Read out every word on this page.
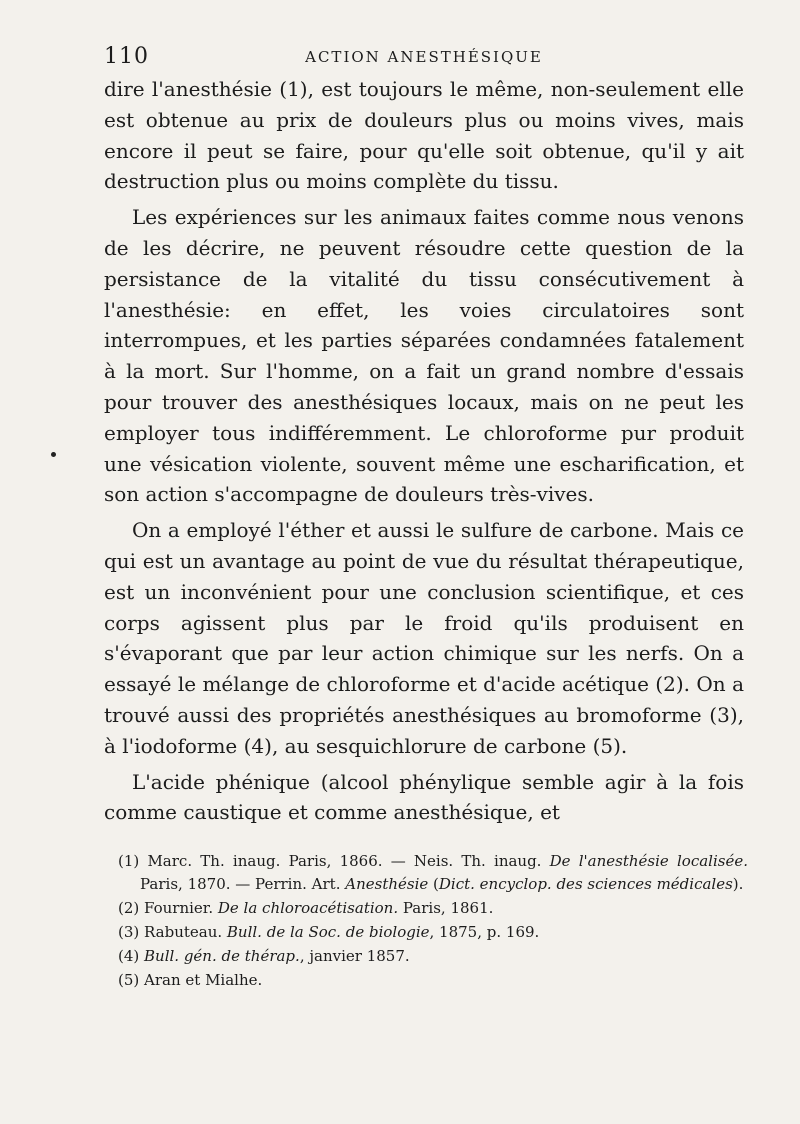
110	ACTION ANESTHÉSIQUE

dire l'anesthésie (1), est toujours le même, non-seulement elle est obtenue au prix de douleurs plus ou moins vives, mais encore il peut se faire, pour qu'elle soit obtenue, qu'il y ait destruction plus ou moins complète du tissu.

Les expériences sur les animaux faites comme nous venons de les décrire, ne peuvent résoudre cette question de la persistance de la vitalité du tissu consécutivement à l'anesthésie: en effet, les voies circulatoires sont interrompues, et les parties séparées condamnées fatalement à la mort. Sur l'homme, on a fait un grand nombre d'essais pour trouver des anesthésiques locaux, mais on ne peut les employer tous indifféremment. Le chloroforme pur produit une vésication violente, souvent même une escharification, et son action s'accompagne de douleurs très-vives.

On a employé l'éther et aussi le sulfure de carbone. Mais ce qui est un avantage au point de vue du résultat thérapeutique, est un inconvénient pour une conclusion scientifique, et ces corps agissent plus par le froid qu'ils produisent en s'évaporant que par leur action chimique sur les nerfs. On a essayé le mélange de chloroforme et d'acide acétique (2). On a trouvé aussi des propriétés anesthésiques au bromoforme (3), à l'iodoforme (4), au sesquichlorure de carbone (5).

L'acide phénique (alcool phénylique semble agir à la fois comme caustique et comme anesthésique, et

(1) Marc. Th. inaug. Paris, 1866. — Neis. Th. inaug. De l'anesthésie localisée. Paris, 1870. — Perrin. Art. Anesthésie (Dict. encyclop. des sciences médicales).

(2) Fournier. De la chloroacétisation. Paris, 1861.

(3) Rabuteau. Bull. de la Soc. de biologie, 1875, p. 169.

(4) Bull. gén. de thérap., janvier 1857.

(5) Aran et Mialhe.
